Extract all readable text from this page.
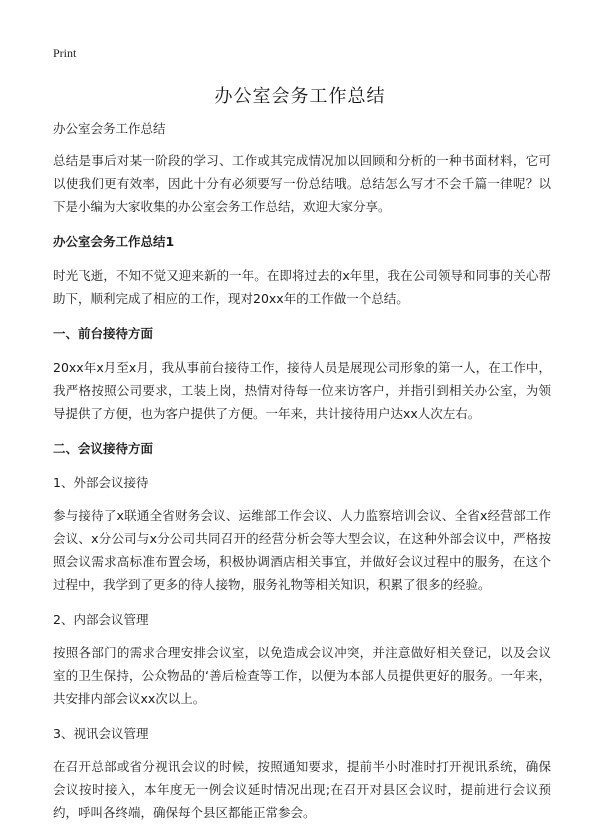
Print
办公室会务工作总结

办公室会务工作总结

总结是事后对某一阶段的学习、工作或其完成情况加以回顾和分析的一种书面材料，它可以使我们更有效率，因此十分有必须要写一份总结哦。总结怎么写才不会千篇一律呢？以下是小编为大家收集的办公室会务工作总结，欢迎大家分享。

办公室会务工作总结1

时光飞逝，不知不觉又迎来新的一年。在即将过去的x年里，我在公司领导和同事的关心帮助下，顺利完成了相应的工作，现对20xx年的工作做一个总结。

一、前台接待方面

20xx年x月至x月，我从事前台接待工作，接待人员是展现公司形象的第一人，在工作中，我严格按照公司要求，工装上岗，热情对待每一位来访客户，并指引到相关办公室，为领导提供了方便，也为客户提供了方便。一年来，共计接待用户达xx人次左右。

二、会议接待方面

1、外部会议接待

参与接待了x联通全省财务会议、运维部工作会议、人力监察培训会议、全省x经营部工作会议、x分公司与x分公司共同召开的经营分析会等大型会议，在这种外部会议中，严格按照会议需求高标准布置会场，积极协调酒店相关事宜，并做好会议过程中的服务，在这个过程中，我学到了更多的待人接物，服务礼物等相关知识，积累了很多的经验。

2、内部会议管理

按照各部门的需求合理安排会议室，以免造成会议冲突，并注意做好相关登记，以及会议室的卫生保持，公众物品的‘善后检查等工作，以便为本部人员提供更好的服务。一年来，共安排内部会议xx次以上。

3、视讯会议管理

在召开总部或省分视讯会议的时候，按照通知要求，提前半小时准时打开视讯系统，确保会议按时接入，本年度无一例会议延时情况出现;在召开对县区会议时，提前进行会议预约，呼叫各终端，确保每个县区都能正常参会。
